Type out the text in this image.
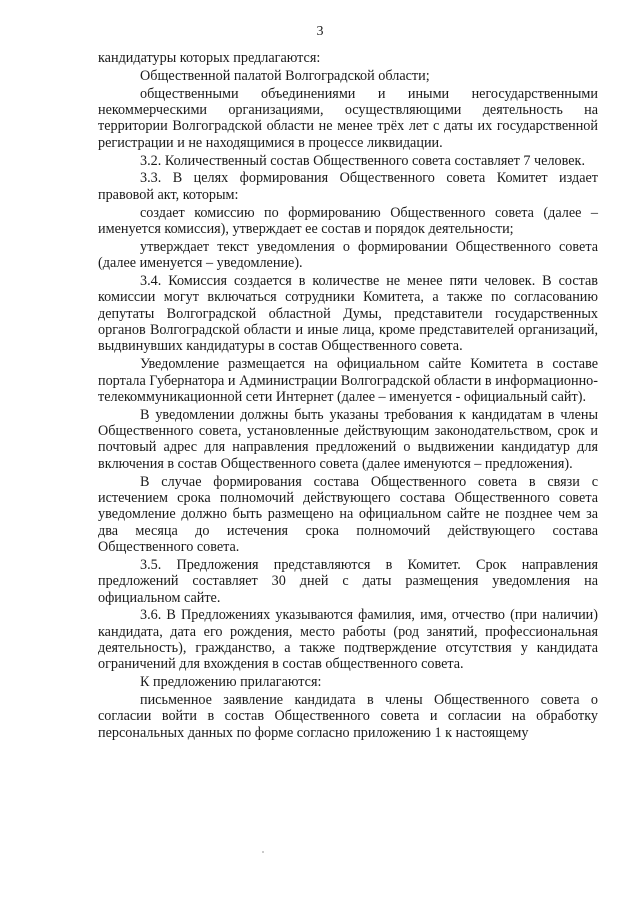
3

кандидатуры которых предлагаются:

Общественной палатой Волгоградской области;

общественными объединениями и иными негосударственными некоммерческими организациями, осуществляющими деятельность на территории Волгоградской области не менее трёх лет с даты их государственной регистрации и не находящимися в процессе ликвидации.

3.2. Количественный состав Общественного совета составляет 7 человек.

3.3. В целях формирования Общественного совета Комитет издает правовой акт, которым:

создает комиссию по формированию Общественного совета (далее – именуется комиссия), утверждает ее состав и порядок деятельности;

утверждает текст уведомления о формировании Общественного совета (далее именуется – уведомление).

3.4. Комиссия создается в количестве не менее пяти человек. В состав комиссии могут включаться сотрудники Комитета, а также по согласованию депутаты Волгоградской областной Думы, представители государственных органов Волгоградской области и иные лица, кроме представителей организаций, выдвинувших кандидатуры в состав Общественного совета.

Уведомление размещается на официальном сайте Комитета в составе портала Губернатора и Администрации Волгоградской области в информационно-телекоммуникационной сети Интернет (далее – именуется - официальный сайт).

В уведомлении должны быть указаны требования к кандидатам в члены Общественного совета, установленные действующим законодательством, срок и почтовый адрес для направления предложений о выдвижении кандидатур для включения в состав Общественного совета (далее именуются – предложения).

В случае формирования состава Общественного совета в связи с истечением срока полномочий действующего состава Общественного совета уведомление должно быть размещено на официальном сайте не позднее чем за два месяца до истечения срока полномочий действующего состава Общественного совета.

3.5. Предложения представляются в Комитет. Срок направления предложений составляет 30 дней с даты размещения уведомления на официальном сайте.

3.6. В Предложениях указываются фамилия, имя, отчество (при наличии) кандидата, дата его рождения, место работы (род занятий, профессиональная деятельность), гражданство, а также подтверждение отсутствия у кандидата ограничений для вхождения в состав общественного совета.

К предложению прилагаются:

письменное заявление кандидата в члены Общественного совета о согласии войти в состав Общественного совета и согласии на обработку персональных данных по форме согласно приложению 1 к настоящему
